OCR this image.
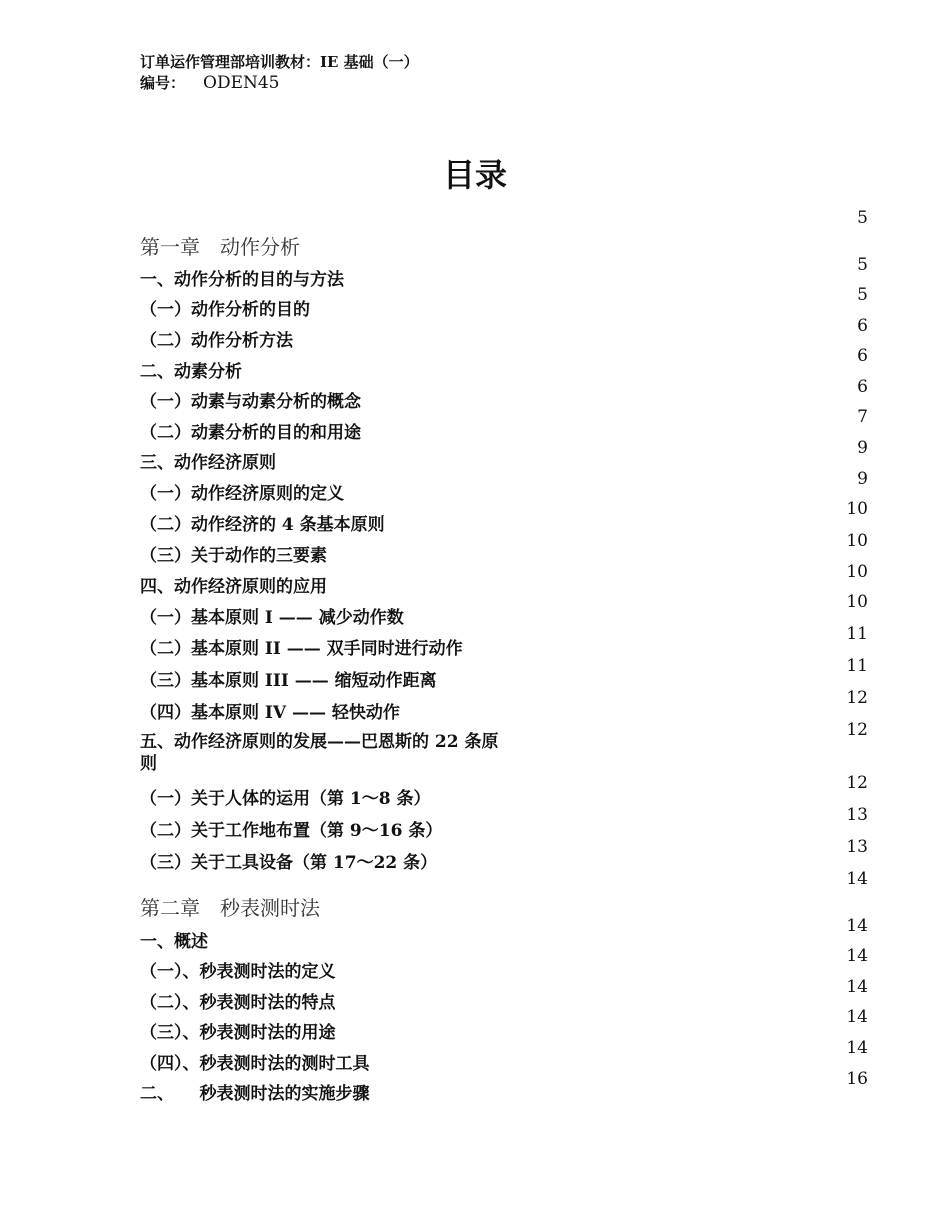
订单运作管理部培训教材：IE 基础（一）
编号： ODEN45
目录
第一章　动作分析
一、动作分析的目的与方法
（一）动作分析的目的
（二）动作分析方法
二、动素分析
（一）动素与动素分析的概念
（二）动素分析的目的和用途
三、动作经济原则
（一）动作经济原则的定义
（二）动作经济的 4 条基本原则
（三）关于动作的三要素
四、动作经济原则的应用
（一）基本原则 I —— 减少动作数
（二）基本原则 II —— 双手同时进行动作
（三）基本原则 III —— 缩短动作距离
（四）基本原则 IV —— 轻快动作
五、动作经济原则的发展——巴恩斯的 22 条原则
（一）关于人体的运用（第 1～8 条）
（二）关于工作地布置（第 9～16 条）
（三）关于工具设备（第 17～22 条）
第二章　秒表测时法
一、概述
（一）、秒表测时法的定义
（二）、秒表测时法的特点
（三）、秒表测时法的用途
（四）、秒表测时法的测时工具
二、　　秒表测时法的实施步骤
5
5
5
6
6
6
7
9
9
10
10
10
10
11
11
12
12
12
13
13
14
14
14
14
14
14
16
